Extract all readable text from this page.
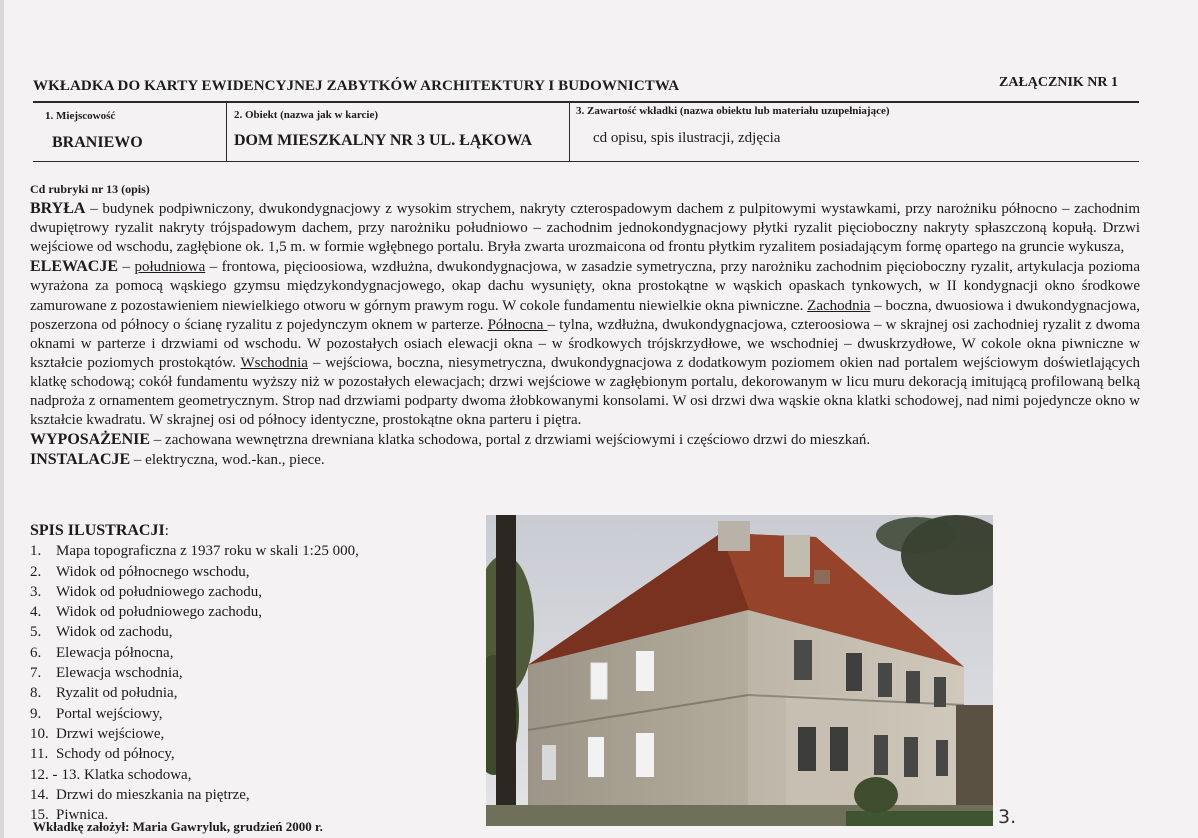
WKŁADKA DO KARTY EWIDENCYJNEJ ZABYTKÓW ARCHITEKTURY I BUDOWNICTWA	ZAŁĄCZNIK NR 1
1. Miejscowość
BRANIEWO
2. Obiekt (nazwa jak w karcie)
DOM MIESZKALNY NR 3 UL. ŁĄKOWA
3. Zawartość wkładki (nazwa obiektu lub materiału uzupełniające)
cd opisu, spis ilustracji, zdjęcia

Cd rubryki nr 13 (opis)

BRYŁA – budynek podpiwniczony, dwukondygnacjowy z wysokim strychem, nakryty czterospadowym dachem z pulpitowymi wystawkami, przy narożniku północno – zachodnim dwupiętrowy ryzalit nakryty trójspadowym dachem, przy narożniku południowo – zachodnim jednokondygnacjowy płytki ryzalit pięcioboczny nakryty spłaszczoną kopułą. Drzwi wejściowe od wschodu, zagłębione ok. 1,5 m. w formie wgłębnego portalu. Bryła zwarta urozmaicona od frontu płytkim ryzalitem posiadającym formę opartego na gruncie wykusza,

ELEWACJE – południowa – frontowa, pięcioosiowa, wzdłużna, dwukondygnacjowa, w zasadzie symetryczna, przy narożniku zachodnim pięcioboczny ryzalit, artykulacja pozioma wyrażona za pomocą wąskiego gzymsu międzykondygnacjowego, okap dachu wysunięty, okna prostokątne w wąskich opaskach tynkowych, w II kondygnacji okno środkowe zamurowane z pozostawieniem niewielkiego otworu w górnym prawym rogu. W cokole fundamentu niewielkie okna piwniczne. Zachodnia – boczna, dwuosiowa i dwukondygnacjowa, poszerzona od północy o ścianę ryzalitu z pojedynczym oknem w parterze. Północna – tylna, wzdłużna, dwukondygnacjowa, czteroosiowa – w skrajnej osi zachodniej ryzalit z dwoma oknami w parterze i drzwiami od wschodu. W pozostałych osiach elewacji okna – w środkowych trójskrzydłowe, we wschodniej – dwuskrzydłowe, W cokole okna piwniczne w kształcie poziomych prostokątów. Wschodnia – wejściowa, boczna, niesymetryczna, dwukondygnacjowa z dodatkowym poziomem okien nad portalem wejściowym doświetlających klatkę schodową; cokół fundamentu wyższy niż w pozostałych elewacjach; drzwi wejściowe w zagłębionym portalu, dekorowanym w licu muru dekoracją imitującą profilowaną belką nadproża z ornamentem geometrycznym. Strop nad drzwiami podparty dwoma żłobkowanymi konsolami. W osi drzwi dwa wąskie okna klatki schodowej, nad nimi pojedyncze okno w kształcie kwadratu. W skrajnej osi od północy identyczne, prostokątne okna parteru i piętra.

WYPOSAŻENIE – zachowana wewnętrzna drewniana klatka schodowa, portal z drzwiami wejściowymi i częściowo drzwi do mieszkań.

INSTALACJE – elektryczna, wod.-kan., piece.

SPIS ILUSTRACJI:
1. Mapa topograficzna z 1937 roku w skali 1:25 000,
2. Widok od północnego wschodu,
3. Widok od południowego zachodu,
4. Widok od południowego zachodu,
5. Widok od zachodu,
6. Elewacja północna,
7. Elewacja wschodnia,
8. Ryzalit od południa,
9. Portal wejściowy,
10. Drzwi wejściowe,
11. Schody od północy,
12. - 13. Klatka schodowa,
14. Drzwi do mieszkania na piętrze,
15. Piwnica.
Wkładkę założył: Maria Gawryluk, grudzień 2000 r.	3.
